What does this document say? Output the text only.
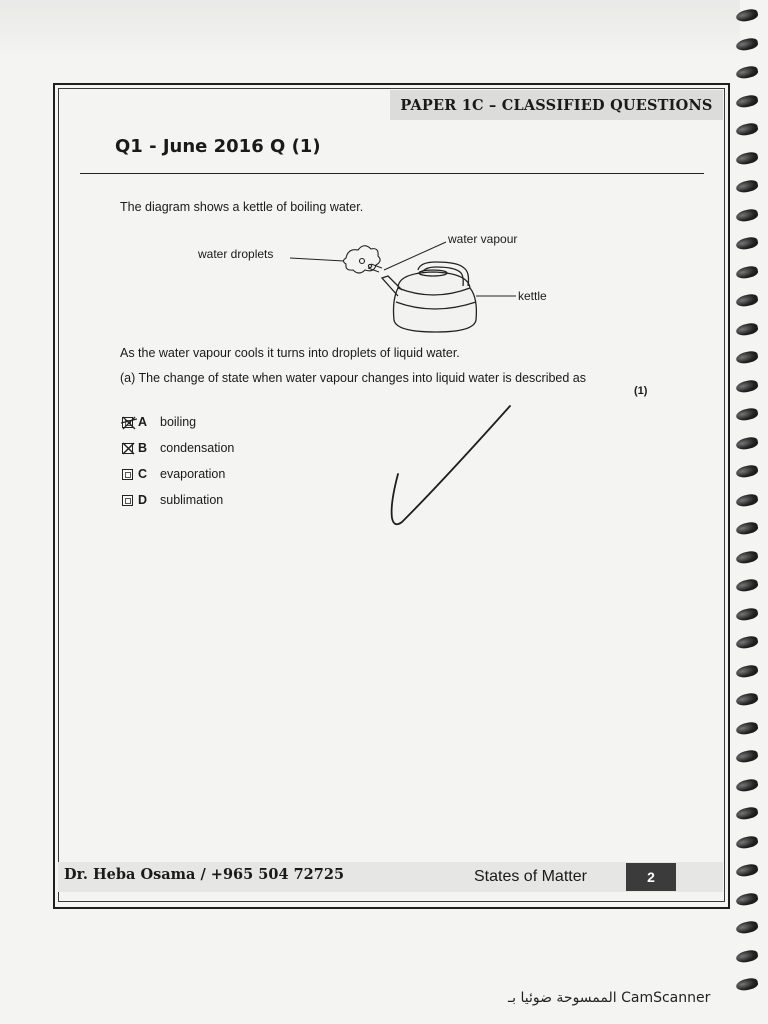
PAPER 1C – CLASSIFIED QUESTIONS
Q1 - June 2016 Q (1)
The diagram shows a kettle of boiling water.
water vapour
water droplets
kettle
As the water vapour cools it turns into droplets of liquid water.
(a) The change of state when water vapour changes into liquid water is described as
(1)
A	boiling
B	condensation
C	evaporation
D	sublimation
Dr. Heba Osama / +965 504 72725	States of Matter	2
CamScanner الممسوحة ضوئيا بـ
